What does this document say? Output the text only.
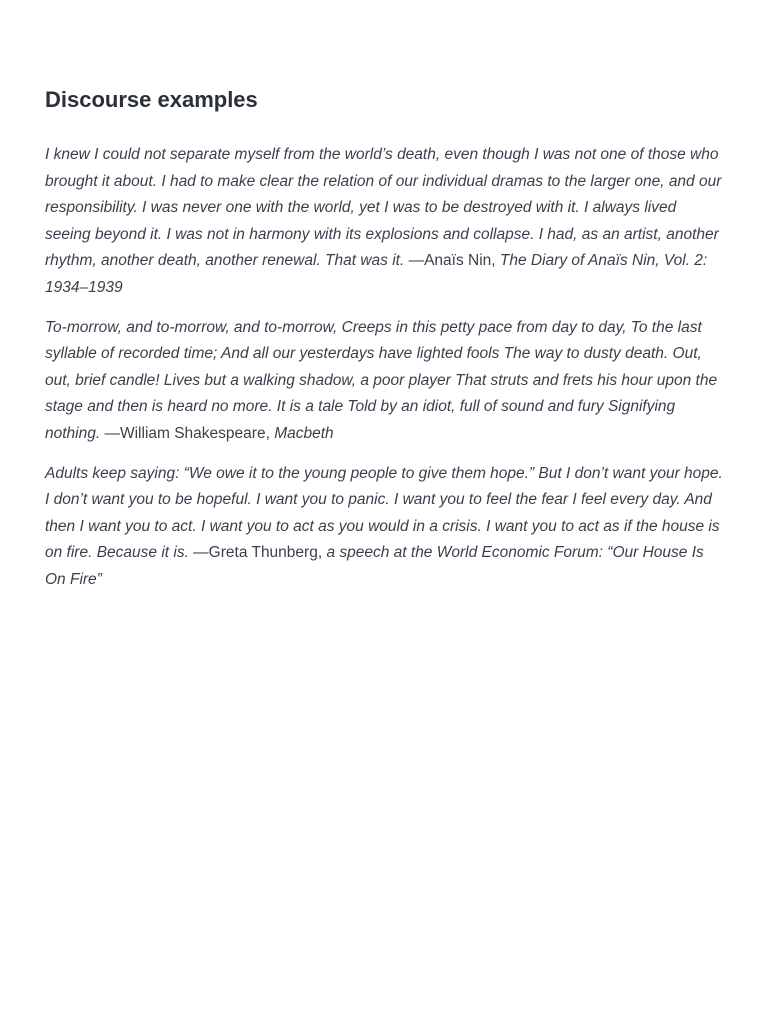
Discourse examples

I knew I could not separate myself from the world’s death, even though I was not one of those who brought it about. I had to make clear the relation of our individual dramas to the larger one, and our responsibility. I was never one with the world, yet I was to be destroyed with it. I always lived seeing beyond it. I was not in harmony with its explosions and collapse. I had, as an artist, another rhythm, another death, another renewal. That was it. —Anaïs Nin, The Diary of Anaïs Nin, Vol. 2: 1934–1939

To-morrow, and to-morrow, and to-morrow, Creeps in this petty pace from day to day, To the last syllable of recorded time; And all our yesterdays have lighted fools The way to dusty death. Out, out, brief candle! Lives but a walking shadow, a poor player That struts and frets his hour upon the stage and then is heard no more. It is a tale Told by an idiot, full of sound and fury Signifying nothing. —William Shakespeare, Macbeth

Adults keep saying: “We owe it to the young people to give them hope.” But I don’t want your hope. I don’t want you to be hopeful. I want you to panic. I want you to feel the fear I feel every day. And then I want you to act. I want you to act as you would in a crisis. I want you to act as if the house is on fire. Because it is. —Greta Thunberg, a speech at the World Economic Forum: “Our House Is On Fire”
